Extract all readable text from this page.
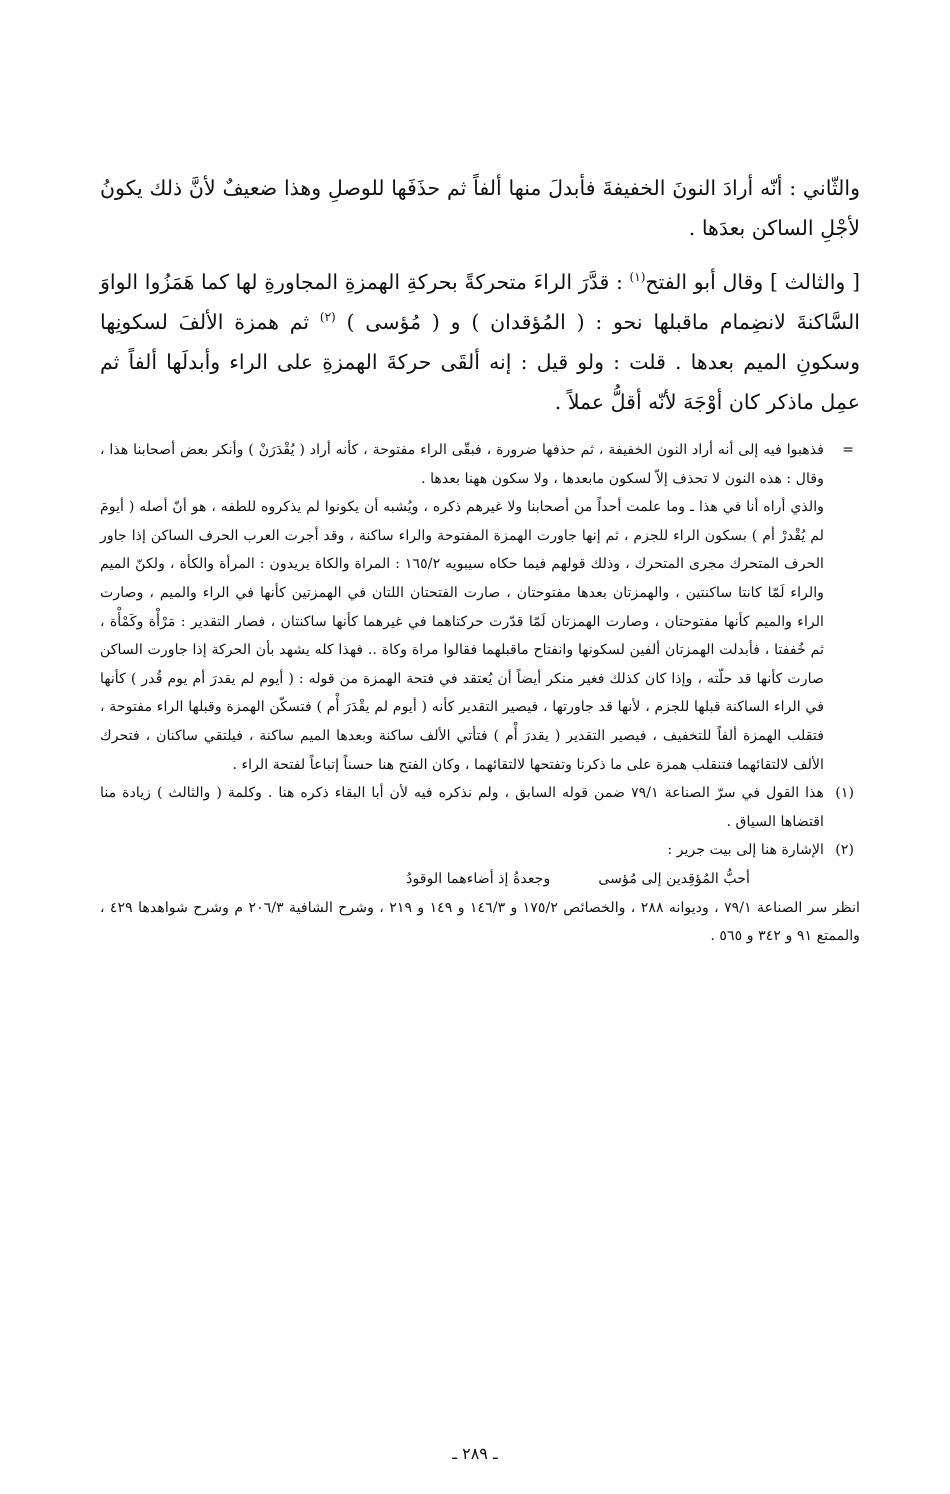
والثّاني : أنّه أرادَ النونَ الخفيفةَ فأبدلَ منها ألفاً ثم حذَفَها للوصلِ وهذا ضعيفٌ لأنَّ ذلك يكونُ لأجْلِ الساكن بعدَها .

[ والثالث ] وقال أبو الفتح$^{(١)}$ : قدَّرَ الراءَ متحركةً بحركةِ الهمزةِ المجاورةِ لها كما هَمَزُوا الواوَ السَّاكنةَ لانضِمام ماقبلها نحو : ( المُؤقدان ) و ( مُؤسى ) $^{(٢)}$ ثم همزة الألفَ لسكونِها وسكونِ الميم بعدها . قلت : ولو قيل : إنه ألقَى حركةَ الهمزةِ على الراء وأبدلَها ألفاً ثم عمِل ماذكر كان أوْجَهَ لأنّه أقلُّ عملاً .

=

فذهبوا فيه إلى أنه أراد النون الخفيفة ، ثم حذفها ضرورة ، فبقّى الراء مفتوحة ، كأنه أراد ( يُقْدَرَنْ ) وأنكر بعض أصحابنا هذا ، وقال : هذه النون لا تحذف إلاّ لسكون مابعدها ، ولا سكون ههنا بعدها .

والذي أراه أنا في هذا ـ وما علمت أحداً من أصحابنا ولا غيرهم ذكره ، ويُشبه أن يكونوا لم يذكروه للطفه ، هو أنّ أصله ( أيومَ لم يُقْدرْ أم ) بسكون الراء للجزم ، ثم إنها جاورت الهمزة المفتوحة والراء ساكنة ، وقد أجرت العرب الحرف الساكن إذا جاور الحرف المتحرك مجرى المتحرك ، وذلك قولهم فيما حكاه سيبويه ١٦٥/٢ : المراة والكاة يريدون : المرأة والكأة ، ولكنّ الميم والراء لَمّا كانتا ساكنتين ، والهمزتان بعدها مفتوحتان ، صارت الفتحتان اللتان في الهمزتين كأنها في الراء والميم ، وصارت الراء والميم كأنها مفتوحتان ، وصارت الهمزتان لَمّا قدّرت حركتاهما في غيرهما كأنها ساكنتان ، فصار التقدير : مَرْأْة وكَمْأْة ، ثم خُففتا ، فأبدلت الهمزتان ألفين لسكونها وانفتاح ماقبلهما فقالوا مراة وكاة .. فهذا كله يشهد بأن الحركة إذا جاورت الساكن صارت كأنها قد حلّته ، وإذا كان كذلك فغير منكر أيضاً أن يُعتقد في فتحة الهمزة من قوله : ( أيوم لم يقدرَ أم يوم قُدر ) كأنها في الراء الساكنة قبلها للجزم ، لأنها قد جاورتها ، فيصير التقدير كأنه ( أيوم لم يقْدَرَ أْم ) فتسكّن الهمزة وقبلها الراء مفتوحة ، فتقلب الهمزة ألفاً للتخفيف ، فيصير التقدير ( يقدرَ أْم ) فتأتي الألف ساكنة وبعدها الميم ساكنة ، فيلتقي ساكنان ، فتحرك الألف لالتقائهما فتنقلب همزة على ما ذكرنا وتفتحها لالتقائهما ، وكان الفتح هنا حسناً إتباعاً لفتحة الراء .

(١)

هذا القول في سرّ الصناعة ٧٩/١ ضمن قوله السابق ، ولم نذكره فيه لأن أبا البقاء ذكره هنا . وكلمة ( والثالث ) زيادة منا اقتضاها السياق .

(٢)

الإشارة هنا إلى بيت جرير :

أحبُّ المُؤقِدين إلى مُؤسى
وجعدةُ إذ أضاءهما الوقودُ

انظر سر الصناعة ٧٩/١ ، وديوانه ٢٨٨ ، والخصائص ١٧٥/٢ و ١٤٦/٣ و ١٤٩ و ٢١٩ ، وشرح الشافية ٢٠٦/٣ م وشرح شواهدها ٤٢٩ ، والممتع ٩١ و ٣٤٢ و ٥٦٥ .

ـ ٢٨٩ ـ
